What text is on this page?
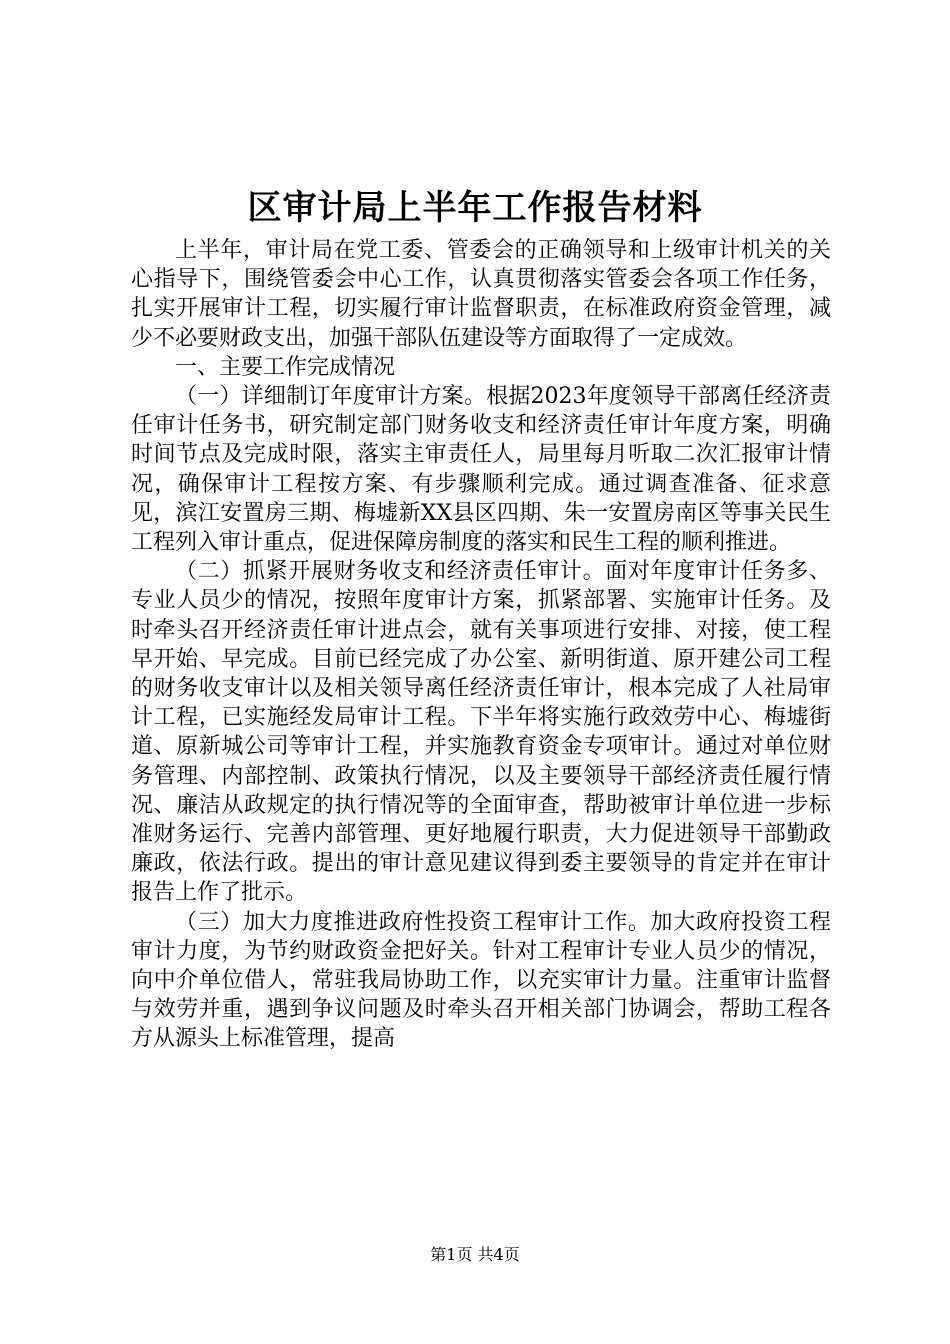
区审计局上半年工作报告材料

上半年，审计局在党工委、管委会的正确领导和上级审计机关的关心指导下，围绕管委会中心工作，认真贯彻落实管委会各项工作任务，扎实开展审计工程，切实履行审计监督职责，在标准政府资金管理，减少不必要财政支出，加强干部队伍建设等方面取得了一定成效。

一、主要工作完成情况

（一）详细制订年度审计方案。根据2023年度领导干部离任经济责任审计任务书，研究制定部门财务收支和经济责任审计年度方案，明确时间节点及完成时限，落实主审责任人，局里每月听取二次汇报审计情况，确保审计工程按方案、有步骤顺利完成。通过调查准备、征求意见，滨江安置房三期、梅墟新XX县区四期、朱一安置房南区等事关民生工程列入审计重点，促进保障房制度的落实和民生工程的顺利推进。

（二）抓紧开展财务收支和经济责任审计。面对年度审计任务多、专业人员少的情况，按照年度审计方案，抓紧部署、实施审计任务。及时牵头召开经济责任审计进点会，就有关事项进行安排、对接，使工程早开始、早完成。目前已经完成了办公室、新明街道、原开建公司工程的财务收支审计以及相关领导离任经济责任审计，根本完成了人社局审计工程，已实施经发局审计工程。下半年将实施行政效劳中心、梅墟街道、原新城公司等审计工程，并实施教育资金专项审计。通过对单位财务管理、内部控制、政策执行情况，以及主要领导干部经济责任履行情况、廉洁从政规定的执行情况等的全面审查，帮助被审计单位进一步标准财务运行、完善内部管理、更好地履行职责，大力促进领导干部勤政廉政，依法行政。提出的审计意见建议得到委主要领导的肯定并在审计报告上作了批示。

（三）加大力度推进政府性投资工程审计工作。加大政府投资工程审计力度，为节约财政资金把好关。针对工程审计专业人员少的情况，向中介单位借人，常驻我局协助工作，以充实审计力量。注重审计监督与效劳并重，遇到争议问题及时牵头召开相关部门协调会，帮助工程各方从源头上标准管理，提高

第1页 共4页
